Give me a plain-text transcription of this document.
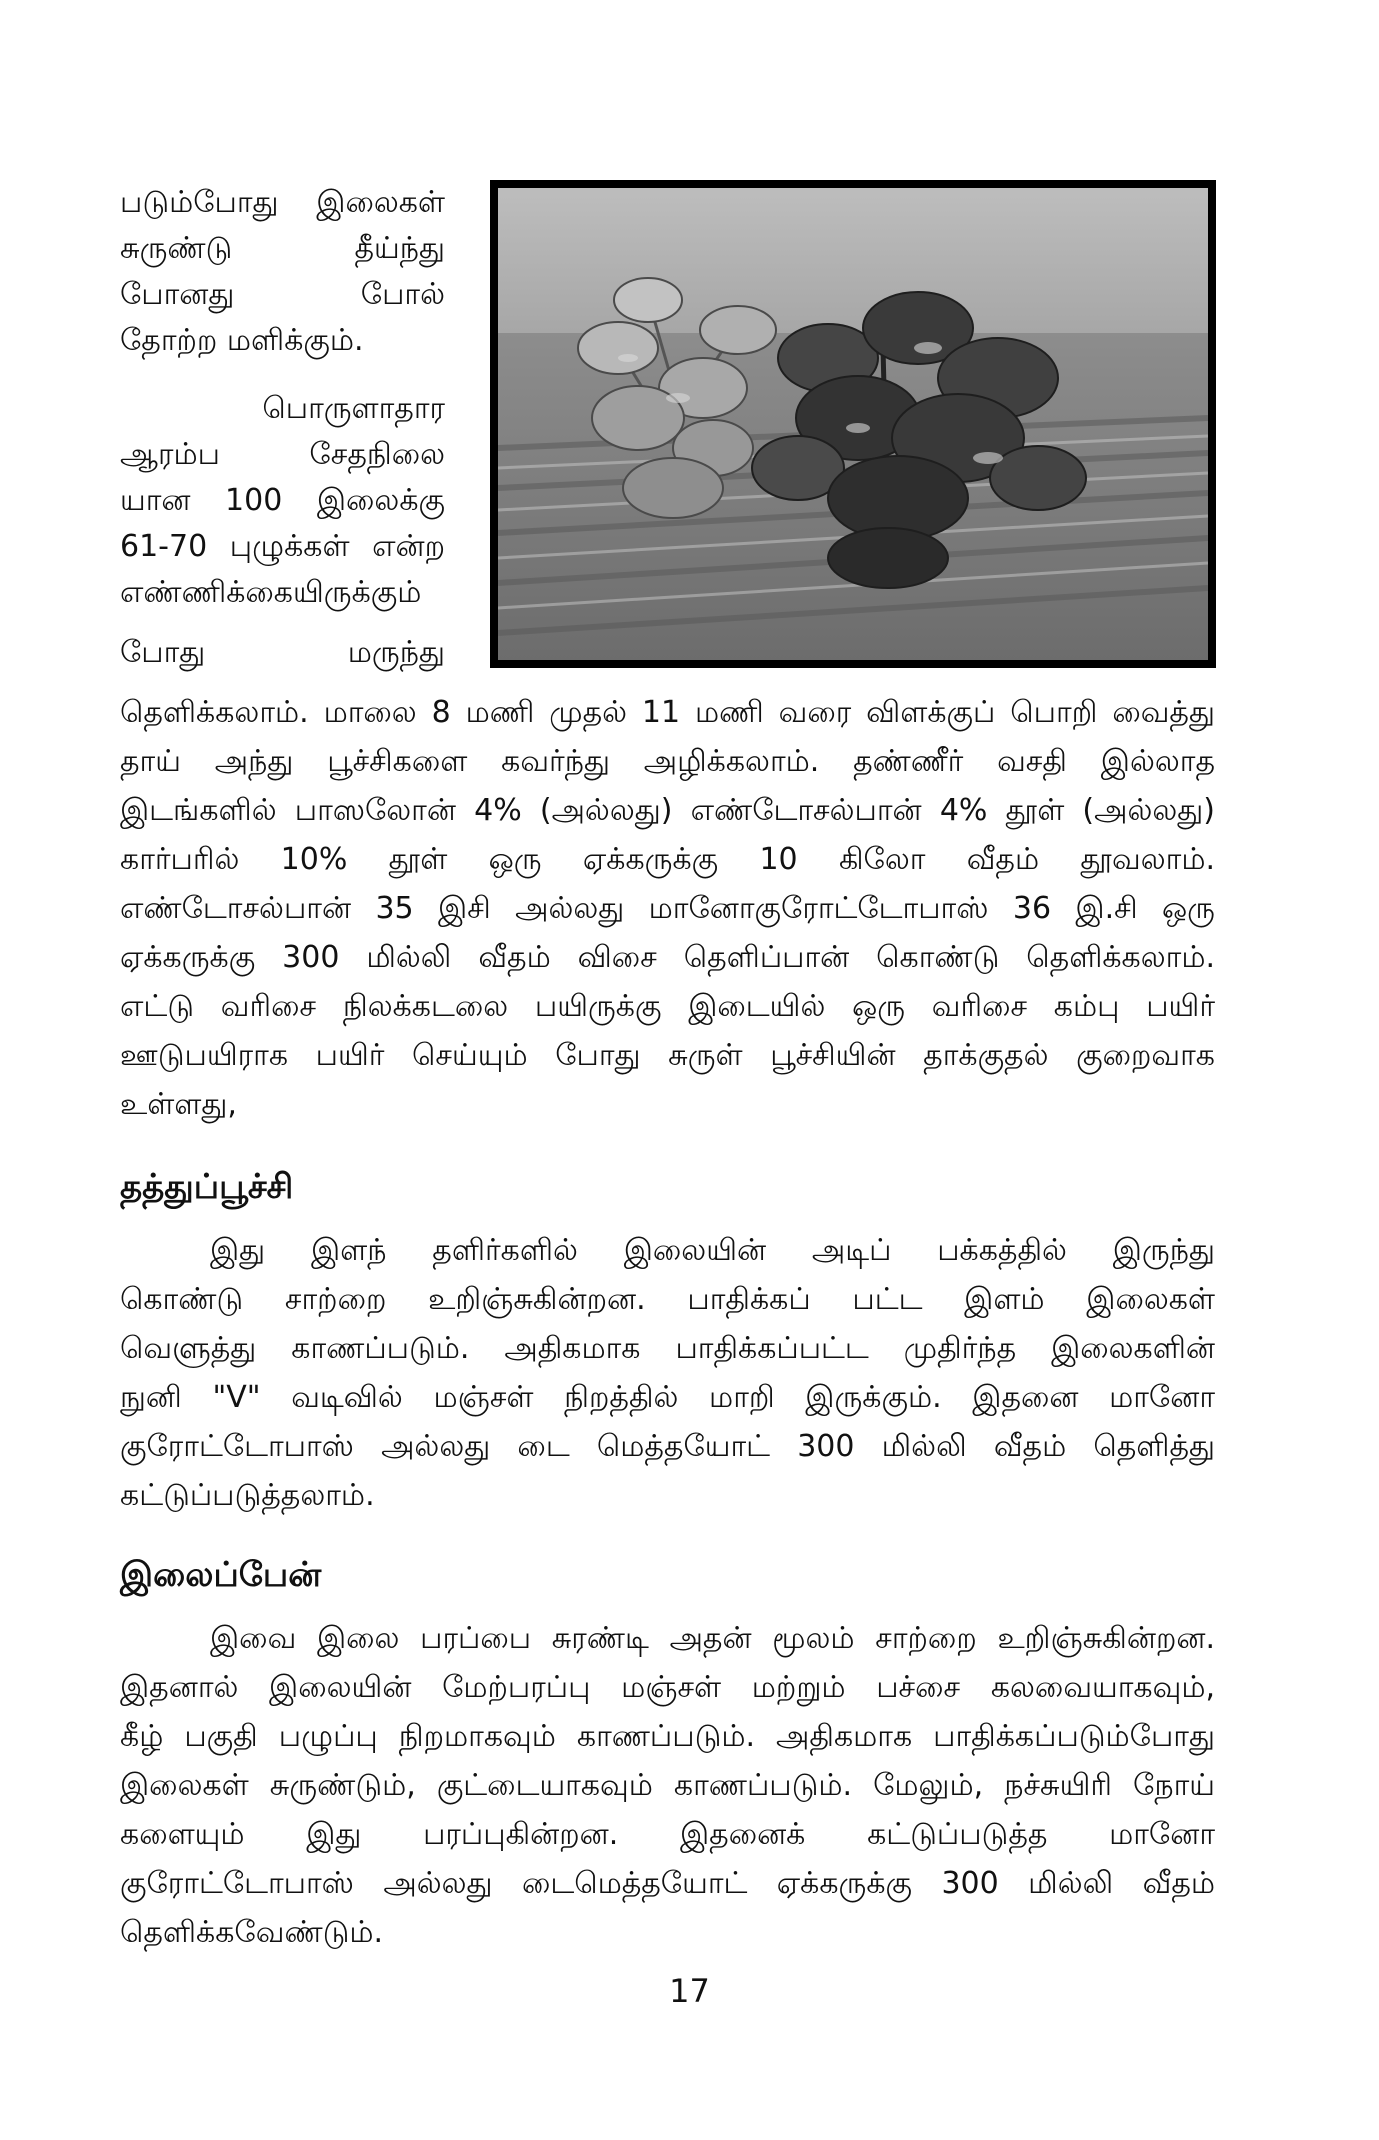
படும்போது இலைகள்
சுருண்டு தீய்ந்து
போனது போல்
தோற்ற மளிக்கும்.
பொருளாதார
ஆரம்ப சேதநிலை
யான 100 இலைக்கு
61-70 புழுக்கள் என்ற
எண்ணிக்கையிருக்கும்
போது மருந்து
தெளிக்கலாம். மாலை 8 மணி முதல் 11 மணி வரை விளக்குப் பொறி வைத்து
தாய் அந்து பூச்சிகளை கவர்ந்து அழிக்கலாம். தண்ணீர் வசதி இல்லாத
இடங்களில் பாஸலோன் 4% (அல்லது) எண்டோசல்பான் 4% தூள் (அல்லது)
கார்பரில் 10% தூள் ஒரு ஏக்கருக்கு 10 கிலோ வீதம் தூவலாம்.
எண்டோசல்பான் 35 இசி அல்லது மானோகுரோட்டோபாஸ் 36 இ.சி ஒரு
ஏக்கருக்கு 300 மில்லி வீதம் விசை தெளிப்பான் கொண்டு தெளிக்கலாம்.
எட்டு வரிசை நிலக்கடலை பயிருக்கு இடையில் ஒரு வரிசை கம்பு பயிர்
ஊடுபயிராக பயிர் செய்யும் போது சுருள் பூச்சியின் தாக்குதல் குறைவாக
உள்ளது,
தத்துப்பூச்சி
இது இளந் தளிர்களில் இலையின் அடிப் பக்கத்தில் இருந்து
கொண்டு சாற்றை உறிஞ்சுகின்றன. பாதிக்கப் பட்ட இளம் இலைகள்
வெளுத்து காணப்படும். அதிகமாக பாதிக்கப்பட்ட முதிர்ந்த இலைகளின்
நுனி "V" வடிவில் மஞ்சள் நிறத்தில் மாறி இருக்கும். இதனை மானோ
குரோட்டோபாஸ் அல்லது டை மெத்தயோட் 300 மில்லி வீதம் தெளித்து
கட்டுப்படுத்தலாம்.
இலைப்பேன்
இவை இலை பரப்பை சுரண்டி அதன் மூலம் சாற்றை உறிஞ்சுகின்றன.
இதனால் இலையின் மேற்பரப்பு மஞ்சள் மற்றும் பச்சை கலவையாகவும்,
கீழ் பகுதி பழுப்பு நிறமாகவும் காணப்படும். அதிகமாக பாதிக்கப்படும்போது
இலைகள் சுருண்டும், குட்டையாகவும் காணப்படும். மேலும், நச்சுயிரி நோய்
களையும் இது பரப்புகின்றன. இதனைக் கட்டுப்படுத்த மானோ
குரோட்டோபாஸ் அல்லது டைமெத்தயோட் ஏக்கருக்கு 300 மில்லி வீதம்
தெளிக்கவேண்டும்.
17
